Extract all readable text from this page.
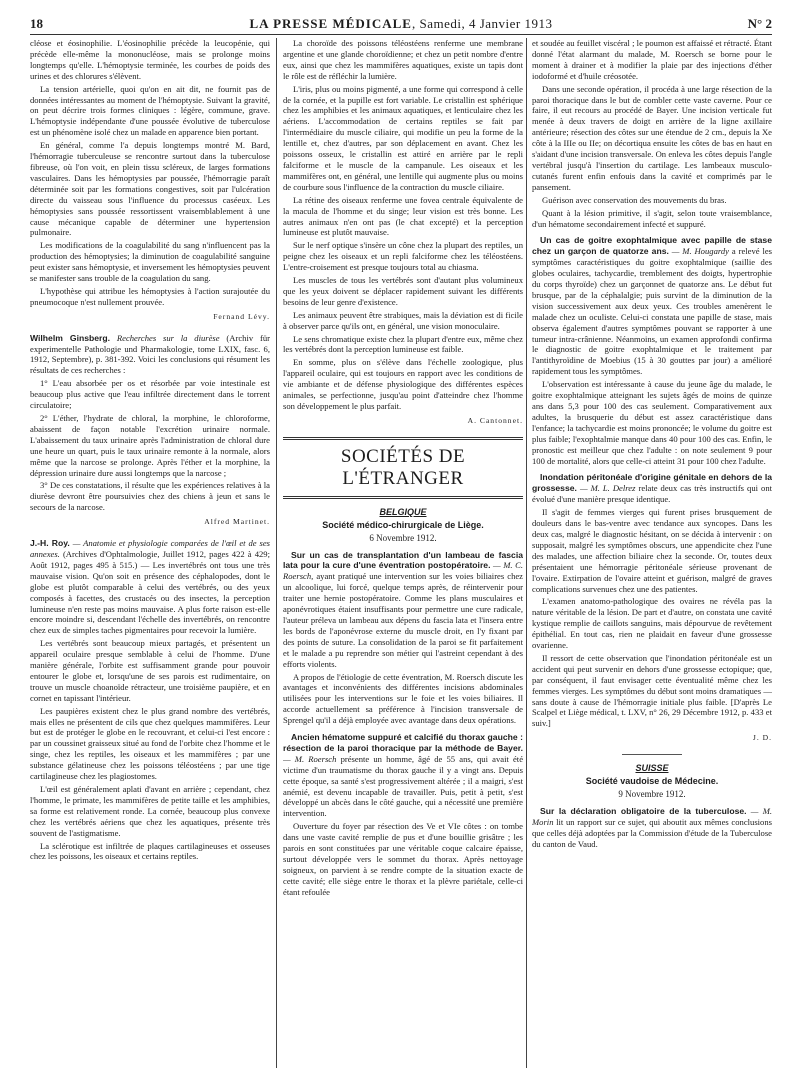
18	LA PRESSE MÉDICALE, Samedi, 4 Janvier 1913	N° 2

cléose et éosinophilie. L'éosinophilie précède la leucopénie, qui précède elle-même la mononucléose, mais se prolonge moins longtemps qu'elle. L'hémoptysie terminée, les courbes de poids des urines et des chlorures s'élèvent.

La tension artérielle, quoi qu'on en ait dit, ne fournit pas de données intéressantes au moment de l'hémoptysie. Suivant la gravité, on peut décrire trois formes cliniques : légère, commune, grave. L'hémoptysie indépendante d'une poussée évolutive de tuberculose est un phénomène isolé chez un malade en apparence bien portant.

En général, comme l'a depuis longtemps montré M. Bard, l'hémorragie tuberculeuse se rencontre surtout dans la tuberculose fibreuse, où l'on voit, en plein tissu scléreux, de larges formations vasculaires. Dans les hémoptysies par poussée, l'hémorragie paraît déterminée soit par les formations congestives, soit par l'ulcération directe du vaisseau sous l'influence du processus caséeux. Les hémoptysies sans poussée ressortissent vraisemblablement à une cause mécanique capable de déterminer une hypertension pulmonaire.

Les modifications de la coagulabilité du sang n'influencent pas la production des hémoptysies; la diminution de coagulabilité sanguine peut exister sans hémoptysie, et inversement les hémoptysies peuvent se manifester sans trouble de la coagulation du sang.

L'hypothèse qui attribue les hémoptysies à l'action surajoutée du pneumocoque n'est nullement prouvée.

Fernand Lévy.

Wilhelm Ginsberg. Recherches sur la diurèse (Archiv für experimentelle Pathologie und Pharmakologie, tome LXIX, fasc. 6, 1912, Septembre), p. 381-392. Voici les conclusions qui résument les résultats de ces recherches :

1° L'eau absorbée per os et résorbée par voie intestinale est beaucoup plus active que l'eau infiltrée directement dans le torrent circulatoire;

2° L'éther, l'hydrate de chloral, la morphine, le chloroforme, abaissent de façon notable l'excrétion urinaire normale. L'abaissement du taux urinaire après l'administration de chloral dure une heure un quart, puis le taux urinaire remonte à la normale, alors même que la narcose se prolonge. Après l'éther et la morphine, la dépression urinaire dure aussi longtemps que la narcose ;

3° De ces constatations, il résulte que les expériences relatives à la diurèse devront être poursuivies chez des chiens à jeun et sans le secours de la narcose.

Alfred Martinet.

J.-H. Roy. — Anatomie et physiologie comparées de l'œil et de ses annexes. (Archives d'Ophtalmologie, Juillet 1912, pages 422 à 429; Août 1912, pages 495 à 515.) — Les invertébrés ont tous une très mauvaise vision. Qu'on soit en présence des céphalopodes, dont le globe est plutôt comparable à celui des vertébrés, ou des yeux composés à facettes, des crustacés ou des insectes, la perception lumineuse n'en reste pas moins mauvaise. A plus forte raison est-elle encore moindre si, descendant l'échelle des invertébrés, on rencontre chez eux de simples taches pigmentaires pour recevoir la lumière.

Les vertébrés sont beaucoup mieux partagés, et présentent un appareil oculaire presque semblable à celui de l'homme. D'une manière générale, l'orbite est suffisamment grande pour pouvoir entourer le globe et, lorsqu'une de ses parois est rudimentaire, on trouve un muscle choanoïde rétracteur, une troisième paupière, et en cornet en tapissant l'intérieur.

Les paupières existent chez le plus grand nombre des vertébrés, mais elles ne présentent de cils que chez quelques mammifères. Leur but est de protéger le globe en le recouvrant, et celui-ci l'est encore : par un coussinet graisseux situé au fond de l'orbite chez l'homme et le singe, chez les reptiles, les oiseaux et les mammifères ; par une substance gélatineuse chez les poissons téléostéens ; par une tige cartilagineuse chez les plagiostomes.

L'œil est généralement aplati d'avant en arrière ; cependant, chez l'homme, le primate, les mammifères de petite taille et les amphibies, sa forme est relativement ronde. La cornée, beaucoup plus convexe chez les vertébrés aériens que chez les aquatiques, présente très souvent de l'astigmatisme.

La sclérotique est infiltrée de plaques cartilagineuses et osseuses chez les poissons, les oiseaux et certains reptiles.

La choroïde des poissons téléostéens renferme une membrane argentine et une glande choroïdienne; et chez un petit nombre d'entre eux, ainsi que chez les mammifères aquatiques, existe un tapis dont le rôle est de réfléchir la lumière.

L'iris, plus ou moins pigmenté, a une forme qui correspond à celle de la cornée, et la pupille est fort variable. Le cristallin est sphérique chez les amphibies et les animaux aquatiques, et lenticulaire chez les aériens. L'accommodation de certains reptiles se fait par l'intermédiaire du muscle ciliaire, qui modifie un peu la forme de la lentille et, chez d'autres, par son déplacement en avant. Chez les poissons osseux, le cristallin est attiré en arrière par le repli falciforme et le muscle de la campanule. Les oiseaux et les mammifères ont, en général, une lentille qui augmente plus ou moins de courbure sous l'influence de la contraction du muscle ciliaire.

La rétine des oiseaux renferme une fovea centrale équivalente de la macula de l'homme et du singe; leur vision est très bonne. Les autres animaux n'en ont pas (le chat excepté) et la perception lumineuse est plutôt mauvaise.

Sur le nerf optique s'insère un cône chez la plupart des reptiles, un peigne chez les oiseaux et un repli falciforme chez les téléostéens. L'entre-croisement est presque toujours total au chiasma.

Les muscles de tous les vertébrés sont d'autant plus volumineux que les yeux doivent se déplacer rapidement suivant les différents besoins de leur genre d'existence.

Les animaux peuvent être strabiques, mais la déviation est di ficile à observer parce qu'ils ont, en général, une vision monoculaire.

Le sens chromatique existe chez la plupart d'entre eux, même chez les vertébrés dont la perception lumineuse est faible.

En somme, plus on s'élève dans l'échelle zoologique, plus l'appareil oculaire, qui est toujours en rapport avec les conditions de vie ambiante et de défense physiologique des différentes espèces animales, se perfectionne, jusqu'au point d'atteindre chez l'homme son développement le plus parfait.

A. Cantonnet.

SOCIÉTÉS DE L'ÉTRANGER
BELGIQUE
Société médico-chirurgicale de Liège.
6 Novembre 1912.

Sur un cas de transplantation d'un lambeau de fascia lata pour la cure d'une éventration postopératoire. — M. C. Roersch, ayant pratiqué une intervention sur les voies biliaires chez un alcoolique, lui forcé, quelque temps après, de réintervenir pour traiter une hernie postopératoire. Comme les plans musculaires et aponévrotiques étaient insuffisants pour permettre une cure radicale, l'auteur préleva un lambeau aux dépens du fascia lata et l'insera entre les bords de l'aponévrose externe du muscle droit, en l'y fixant par des points de suture. La consolidation de la paroi se fit parfaitement et le malade a pu reprendre son métier qui l'astreint cependant à des efforts violents.

A propos de l'étiologie de cette éventration, M. Roersch discute les avantages et inconvénients des différentes incisions abdominales utilisées pour les interventions sur le foie et les voies biliaires. Il accorde actuellement sa préférence à l'incision transversale de Sprengel qu'il a déjà employée avec avantage dans deux opérations.

Ancien hématome suppuré et calcifié du thorax gauche : résection de la paroi thoracique par la méthode de Bayer. — M. Roersch présente un homme, âgé de 55 ans, qui avait été victime d'un traumatisme du thorax gauche il y a vingt ans. Depuis cette époque, sa santé s'est progressivement altérée ; il a maigri, s'est anémié, est devenu incapable de travailler. Puis, petit à petit, s'est développé un abcès dans le côté gauche, qui a nécessité une première intervention.

Ouverture du foyer par résection des Ve et VIe côtes : on tombe dans une vaste cavité remplie de pus et d'une bouillie grisâtre ; les parois en sont constituées par une véritable coque calcaire épaisse, surtout développée vers le sommet du thorax. Après nettoyage soigneux, on parvient à se rendre compte de la situation exacte de cette cavité; elle siège entre le thorax et la plèvre pariétale, celle-ci étant refoulée

et soudée au feuillet viscéral ; le poumon est affaissé et rétracté. Étant donné l'état alarmant du malade, M. Roersch se borne pour le moment à drainer et à modifier la plaie par des injections d'éther iodoformé et d'huile créosotée.

Dans une seconde opération, il procéda à une large résection de la paroi thoracique dans le but de combler cette vaste caverne. Pour ce faire, il eut recours au procédé de Bayer. Une incision verticale fut menée à deux travers de doigt en arrière de la ligne axillaire antérieure; résection des côtes sur une étendue de 2 cm., depuis la Xe côte à la IIIe ou IIe; on décortiqua ensuite les côtes de bas en haut en s'aidant d'une incision transversale. On enleva les côtes depuis l'angle vertébral jusqu'à l'insertion du cartilage. Les lambeaux musculo-cutanés furent enfin enfouis dans la cavité et comprimés par le pansement.

Guérison avec conservation des mouvements du bras.

Quant à la lésion primitive, il s'agit, selon toute vraisemblance, d'un hématome secondairement infecté et suppuré.

Un cas de goitre exophtalmique avec papille de stase chez un garçon de quatorze ans. — M. Hougardy a relevé les symptômes caractéristiques du goitre exophtalmique (saillie des globes oculaires, tachycardie, tremblement des doigts, hypertrophie du corps thyroïde) chez un garçonnet de quatorze ans. Le début fut brusque, par de la céphalalgie; puis survint de la diminution de la vision successivement aux deux yeux. Ces troubles amenèrent le malade chez un oculiste. Celui-ci constata une papille de stase, mais observa également d'autres symptômes pouvant se rapporter à une tumeur intra-crânienne. Néanmoins, un examen approfondi confirma le diagnostic de goitre exophtalmique et le traitement par l'antithyroïdine de Moebius (15 à 30 gouttes par jour) a amélioré rapidement tous les symptômes.

L'observation est intéressante à cause du jeune âge du malade, le goitre exophtalmique atteignant les sujets âgés de moins de quinze ans dans 5,3 pour 100 des cas seulement. Comparativement aux adultes, la brusquerie du début est assez caractéristique dans l'enfance; la tachycardie est moins prononcée; le volume du goitre est plus faible; l'exophtalmie manque dans 40 pour 100 des cas. Enfin, le pronostic est meilleur que chez l'adulte : on note seulement 9 pour 100 de mortalité, alors que celle-ci atteint 31 pour 100 chez l'adulte.

Inondation péritonéale d'origine génitale en dehors de la grossesse. — M. L. Delrez relate deux cas très instructifs qui ont évolué d'une manière presque identique.

Il s'agit de femmes vierges qui furent prises brusquement de douleurs dans le bas-ventre avec tendance aux syncopes. Dans les deux cas, malgré le diagnostic hésitant, on se décida à intervenir : on supposait, malgré les symptômes obscurs, une appendicite chez l'une des malades, une affection biliaire chez la seconde. Or, toutes deux présentaient une hémorragie péritonéale sérieuse provenant de l'ovaire. Extirpation de l'ovaire atteint et guérison, malgré de graves complications survenues chez une des patientes.

L'examen anatomo-pathologique des ovaires ne révéla pas la nature véritable de la lésion. De part et d'autre, on constata une cavité kystique remplie de caillots sanguins, mais dépourvue de revêtement épithélial. En tout cas, rien ne plaidait en faveur d'une grossesse ovarienne.

Il ressort de cette observation que l'inondation péritonéale est un accident qui peut survenir en dehors d'une grossesse ectopique; que, par conséquent, il faut envisager cette éventualité même chez les femmes vierges. Les symptômes du début sont moins dramatiques — sans doute à cause de l'hémorragie initiale plus faible. [D'après Le Scalpel et Liège médical, t. LXV, n° 26, 29 Décembre 1912, p. 433 et suiv.]

J. D.

SUISSE
Société vaudoise de Médecine.
9 Novembre 1912.

Sur la déclaration obligatoire de la tuberculose. — M. Morin lit un rapport sur ce sujet, qui aboutit aux mêmes conclusions que celles déjà adoptées par la Commission d'étude de la Tuberculose du canton de Vaud.
